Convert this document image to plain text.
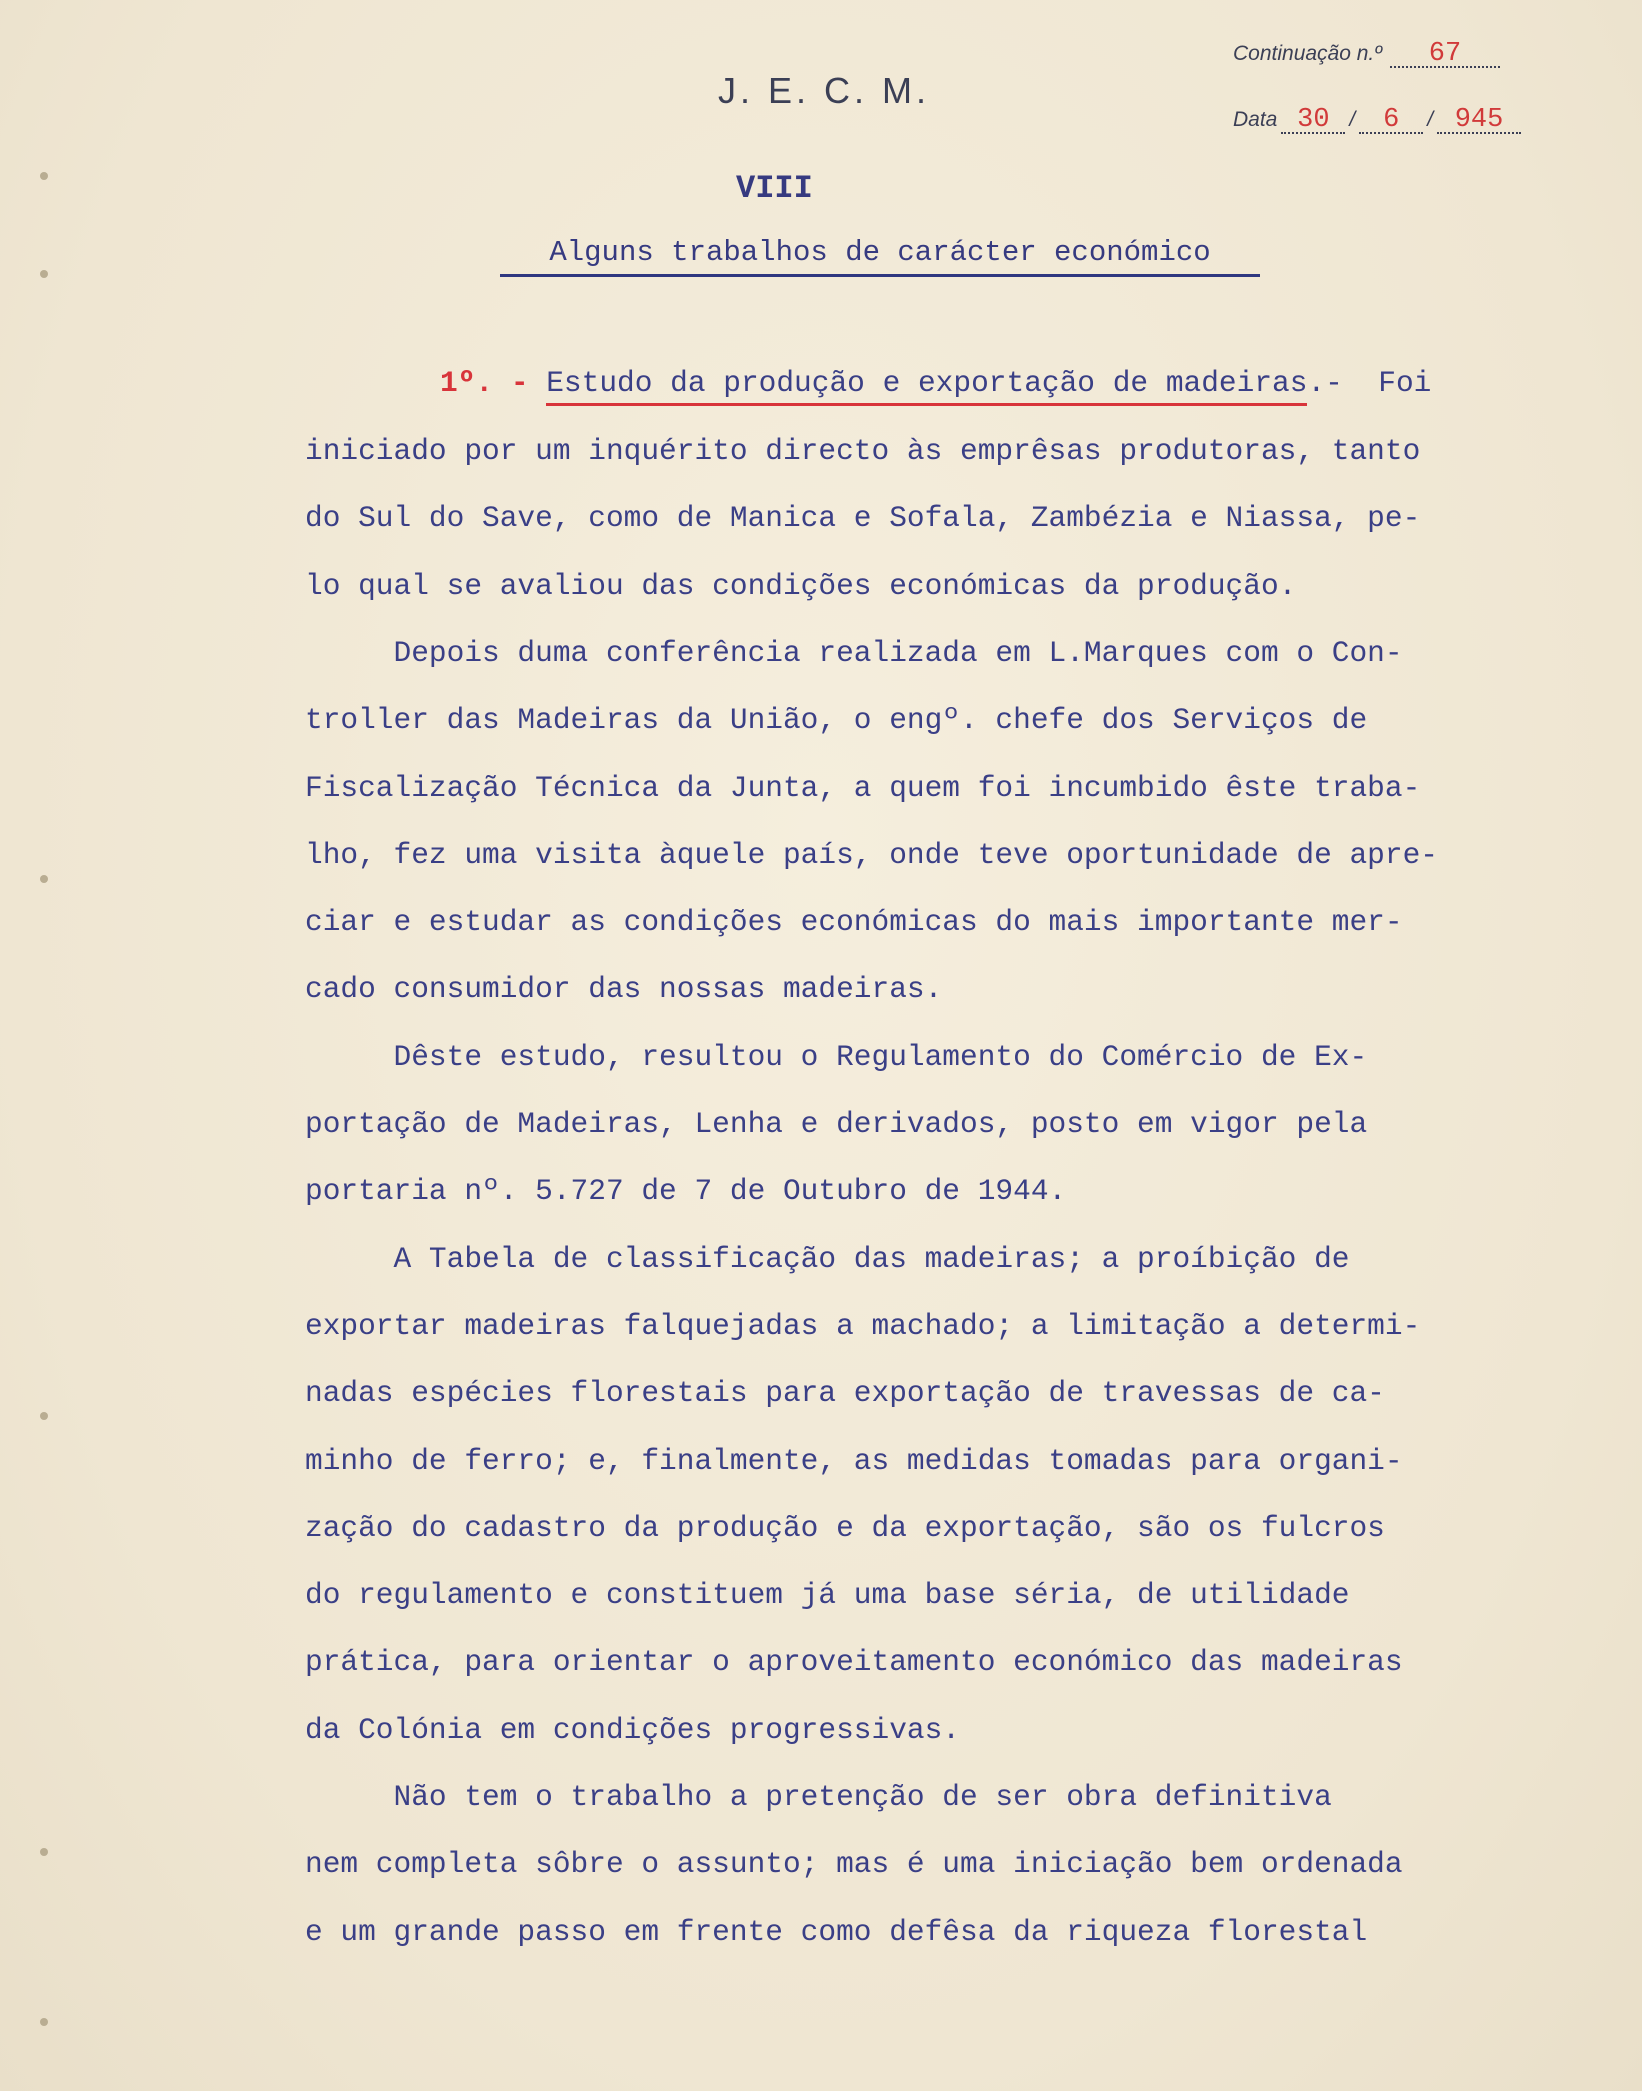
J. E. C. M.
Continuação n.º	67
Data 30 /	6	/ 945
VIII
Alguns trabalhos de carácter económico
1º. - Estudo da produção e exportação de madeiras.-  Foi
iniciado por um inquérito directo às emprêsas produtoras, tanto
do Sul do Save, como de Manica e Sofala, Zambézia e Niassa, pe-
lo qual se avaliou das condições económicas da produção.
Depois duma conferência realizada em L.Marques com o Con-
troller das Madeiras da União, o engº. chefe dos Serviços de
Fiscalização Técnica da Junta, a quem foi incumbido êste traba-
lho, fez uma visita àquele país, onde teve oportunidade de apre-
ciar e estudar as condições económicas do mais importante mer-
cado consumidor das nossas madeiras.
Dêste estudo, resultou o Regulamento do Comércio de Ex-
portação de Madeiras, Lenha e derivados, posto em vigor pela
portaria nº. 5.727 de 7 de Outubro de 1944.
A Tabela de classificação das madeiras; a proíbição de
exportar madeiras falquejadas a machado; a limitação a determi-
nadas espécies florestais para exportação de travessas de ca-
minho de ferro; e, finalmente, as medidas tomadas para organi-
zação do cadastro da produção e da exportação, são os fulcros
do regulamento e constituem já uma base séria, de utilidade
prática, para orientar o aproveitamento económico das madeiras
da Colónia em condições progressivas.
Não tem o trabalho a pretenção de ser obra definitiva
nem completa sôbre o assunto; mas é uma iniciação bem ordenada
e um grande passo em frente como defêsa da riqueza florestal
